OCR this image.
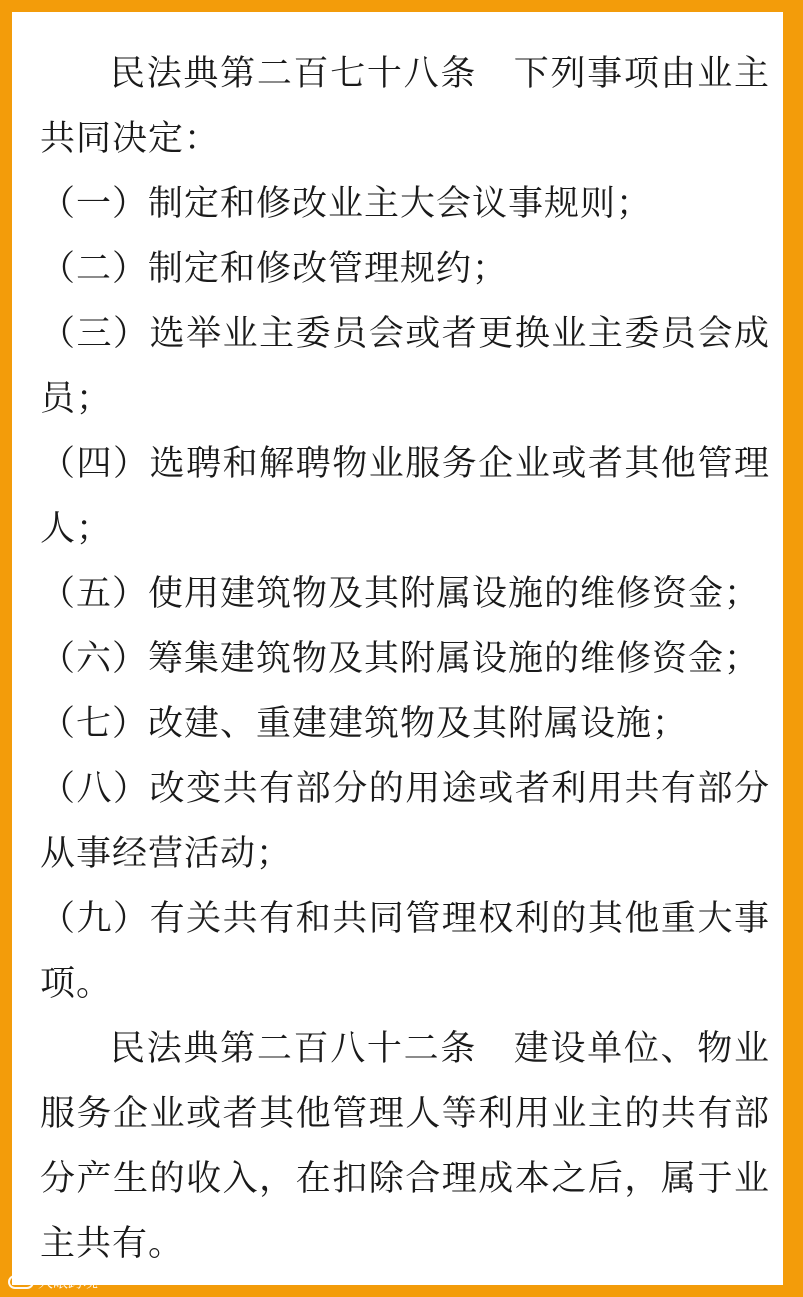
民法典第二百七十八条　 下列事项由业主共同决定：

（一）制定和修改业主大会议事规则；

（二）制定和修改管理规约；

（三）选举业主委员会或者更换业主委员会成员；

（四）选聘和解聘物业服务企业或者其他管理人；

（五）使用建筑物及其附属设施的维修资金；

（六）筹集建筑物及其附属设施的维修资金；

（七）改建、重建建筑物及其附属设施；

（八）改变共有部分的用途或者利用共有部分从事经营活动；

（九）有关共有和共同管理权利的其他重大事项。

民法典第二百八十二条　 建设单位、物业服务企业或者其他管理人等利用业主的共有部分产生的收入，在扣除合理成本之后，属于业主共有。

大眼跨境
